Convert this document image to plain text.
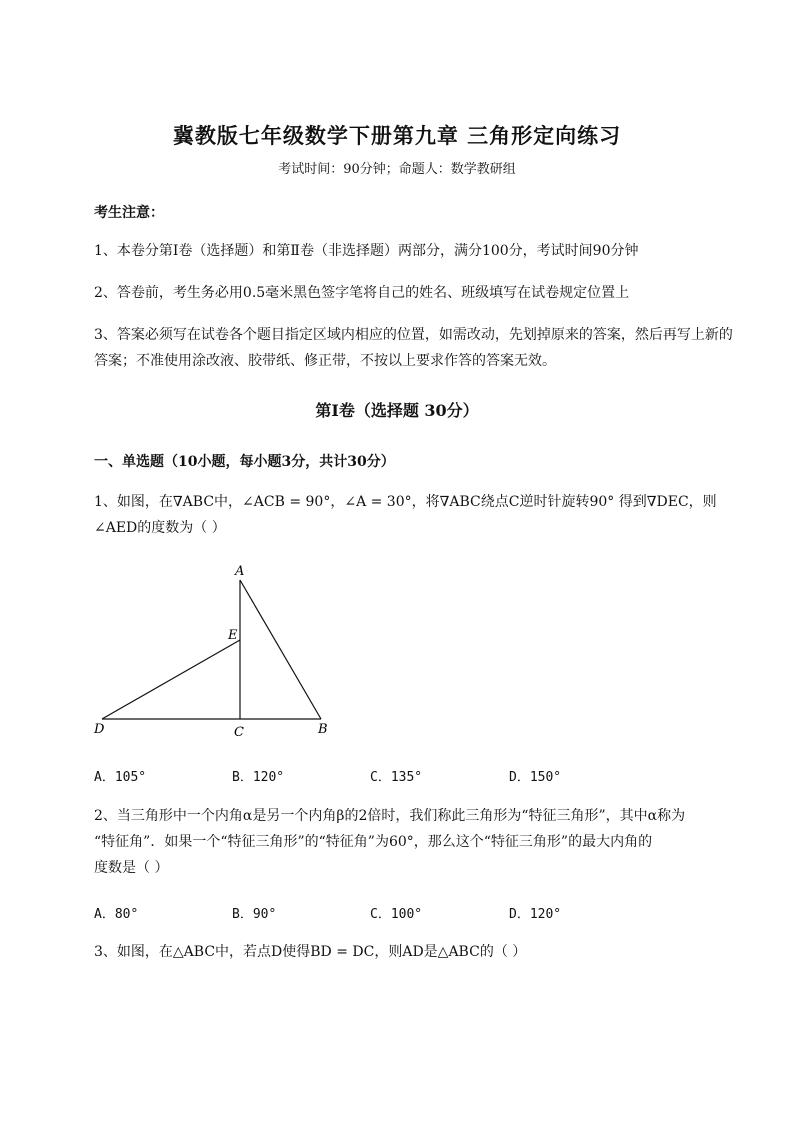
冀教版七年级数学下册第九章 三角形定向练习
考试时间：90分钟；命题人：数学教研组
考生注意：
1、本卷分第I卷（选择题）和第Ⅱ卷（非选择题）两部分，满分100分，考试时间90分钟
2、答卷前，考生务必用0.5毫米黑色签字笔将自己的姓名、班级填写在试卷规定位置上
3、答案必须写在试卷各个题目指定区域内相应的位置，如需改动，先划掉原来的答案，然后再写上新的答案；不准使用涂改液、胶带纸、修正带，不按以上要求作答的答案无效。
第I卷（选择题 30分）
一、单选题（10小题，每小题3分，共计30分）
1、如图，在∇ABC中，∠ACB = 90°，∠A = 30°，将∇ABC绕点C逆时针旋转90° 得到∇DEC，则
∠AED的度数为（ ）
A
E
D	C	B
A．105°	B．120°	C．135°	D．150°
2、当三角形中一个内角α是另一个内角β的2倍时，我们称此三角形为“特征三角形”，其中α称为
“特征角”．如果一个“特征三角形”的“特征角”为60°，那么这个“特征三角形”的最大内角的
度数是（ ）
A．80°	B．90°	C．100°	D．120°
3、如图，在△ABC中，若点D使得BD = DC，则AD是△ABC的（ ）
